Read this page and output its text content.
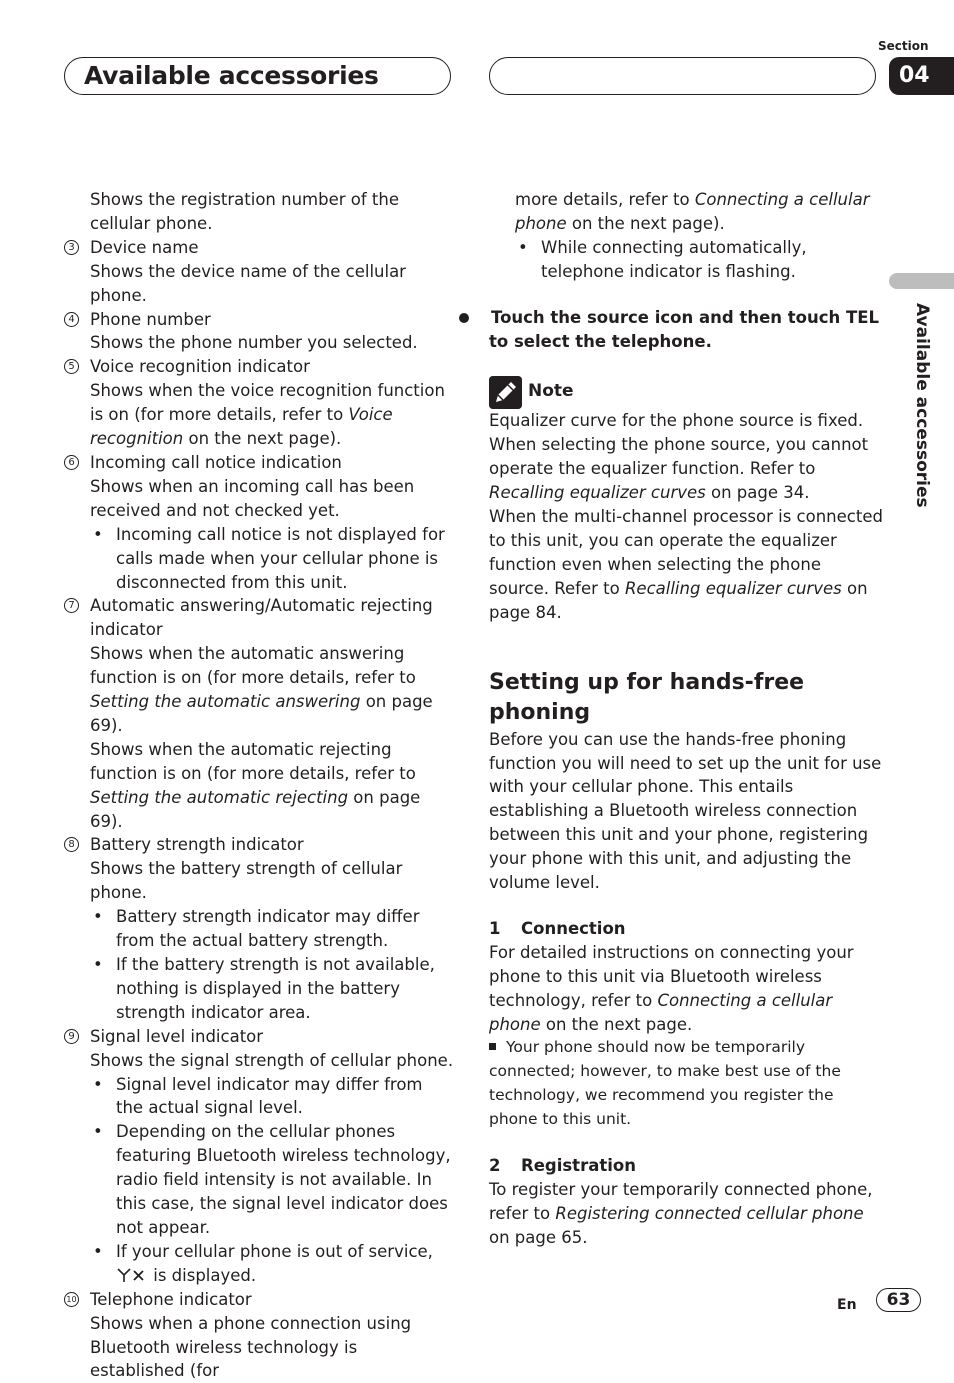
Available accessories
Section
04
Available accessories

Shows the registration number of the cellular phone.

3 Device name
Shows the device name of the cellular phone.
4 Phone number
Shows the phone number you selected.
5 Voice recognition indicator
Shows when the voice recognition function is on (for more details, refer to Voice recognition on the next page).
6 Incoming call notice indication
Shows when an incoming call has been received and not checked yet.
• Incoming call notice is not displayed for calls made when your cellular phone is disconnected from this unit.
7 Automatic answering/Automatic rejecting indicator
Shows when the automatic answering function is on (for more details, refer to Setting the automatic answering on page 69).
Shows when the automatic rejecting function is on (for more details, refer to Setting the automatic rejecting on page 69).
8 Battery strength indicator
Shows the battery strength of cellular phone.
• Battery strength indicator may differ from the actual battery strength.
• If the battery strength is not available, nothing is displayed in the battery strength indicator area.
9 Signal level indicator
Shows the signal strength of cellular phone.
• Signal level indicator may differ from the actual signal level.
• Depending on the cellular phones featuring Bluetooth wireless technology, radio field intensity is not available. In this case, the signal level indicator does not appear.
• If your cellular phone is out of service,
is displayed.
10 Telephone indicator
Shows when a phone connection using Bluetooth wireless technology is established (for
more details, refer to Connecting a cellular phone on the next page).
• While connecting automatically, telephone indicator is flashing.
Touch the source icon and then touch TEL to select the telephone.
Note
Equalizer curve for the phone source is fixed.
When selecting the phone source, you cannot operate the equalizer function. Refer to Recalling equalizer curves on page 34.
When the multi-channel processor is connected to this unit, you can operate the equalizer function even when selecting the phone source. Refer to Recalling equalizer curves on page 84.
Setting up for hands-free phoning
Before you can use the hands-free phoning function you will need to set up the unit for use with your cellular phone. This entails establishing a Bluetooth wireless connection between this unit and your phone, registering your phone with this unit, and adjusting the volume level.
1 Connection
For detailed instructions on connecting your phone to this unit via Bluetooth wireless technology, refer to Connecting a cellular phone on the next page.
Your phone should now be temporarily connected; however, to make best use of the technology, we recommend you register the phone to this unit.
2 Registration
To register your temporarily connected phone, refer to Registering connected cellular phone on page 65.
En	63
